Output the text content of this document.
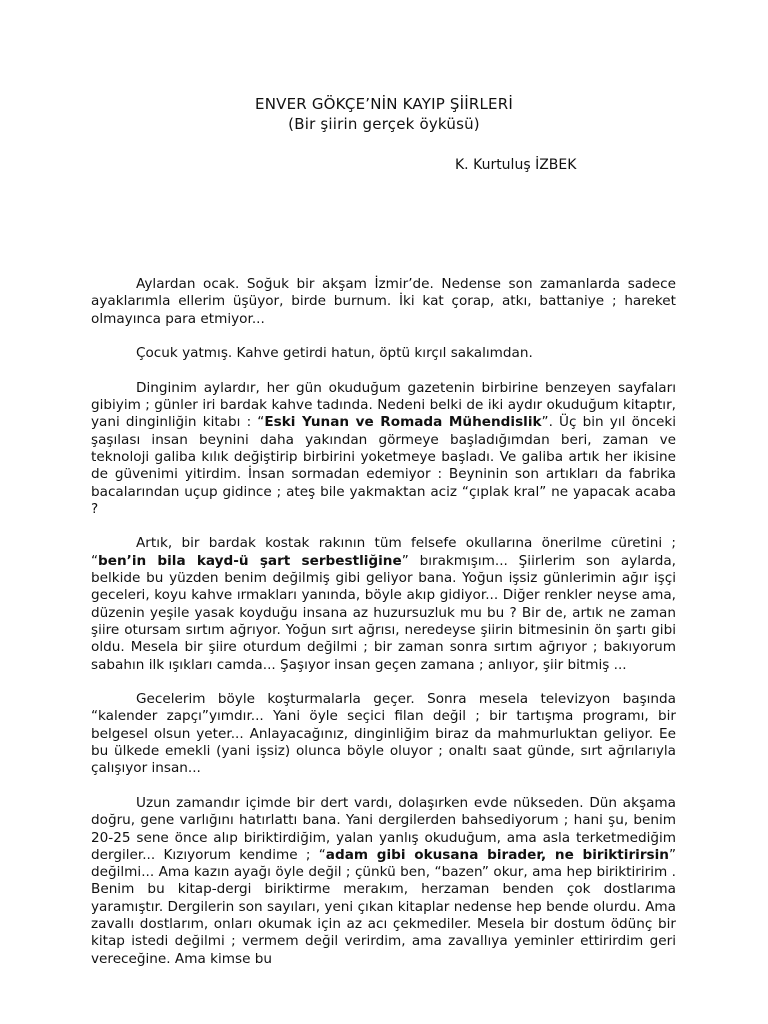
ENVER GÖKÇE’NİN KAYIP ŞİİRLERİ
(Bir şiirin gerçek öyküsü)
K. Kurtuluş İZBEK

Aylardan ocak. Soğuk bir akşam İzmir’de. Nedense son zamanlarda sadece ayaklarımla ellerim üşüyor, birde burnum. İki kat çorap, atkı, battaniye ; hareket olmayınca para etmiyor...

Çocuk yatmış. Kahve getirdi hatun, öptü kırçıl sakalımdan.

Dinginim aylardır, her gün okuduğum gazetenin birbirine benzeyen sayfaları gibiyim ; günler iri bardak kahve tadında. Nedeni belki de iki aydır okuduğum kitaptır, yani dinginliğin kitabı : “Eski Yunan ve Romada Mühendislik”. Üç bin yıl önceki şaşılası insan beynini daha yakından görmeye başladığımdan beri, zaman ve teknoloji galiba kılık değiştirip birbirini yoketmeye başladı. Ve galiba artık her ikisine de güvenimi yitirdim. İnsan sormadan edemiyor : Beyninin son artıkları da fabrika bacalarından uçup gidince ; ateş bile yakmaktan aciz “çıplak kral” ne yapacak acaba ?

Artık, bir bardak kostak rakının tüm felsefe okullarına önerilme cüretini ; “ben’in bila kayd-ü şart serbestliğine” bırakmışım... Şiirlerim son aylarda, belkide bu yüzden benim değilmiş gibi geliyor bana. Yoğun işsiz günlerimin ağır işçi geceleri, koyu kahve ırmakları yanında, böyle akıp gidiyor... Diğer renkler neyse ama, düzenin yeşile yasak koyduğu insana az huzursuzluk mu bu ? Bir de, artık ne zaman şiire otursam sırtım ağrıyor. Yoğun sırt ağrısı, neredeyse şiirin bitmesinin ön şartı gibi oldu. Mesela bir şiire oturdum değilmi ; bir zaman sonra sırtım ağrıyor ; bakıyorum sabahın ilk ışıkları camda... Şaşıyor insan geçen zamana ; anlıyor, şiir bitmiş ...

Gecelerim böyle koşturmalarla geçer. Sonra mesela televizyon başında “kalender zapçı”yımdır... Yani öyle seçici filan değil ; bir tartışma programı, bir belgesel olsun yeter... Anlayacağınız, dinginliğim biraz da mahmurluktan geliyor. Ee bu ülkede emekli (yani işsiz) olunca böyle oluyor ; onaltı saat günde, sırt ağrılarıyla çalışıyor insan...

Uzun zamandır içimde bir dert vardı, dolaşırken evde nükseden. Dün akşama doğru, gene varlığını hatırlattı bana. Yani dergilerden bahsediyorum ; hani şu, benim 20-25 sene önce alıp biriktirdiğim, yalan yanlış okuduğum, ama asla terketmediğim dergiler... Kızıyorum kendime ; “adam gibi okusana birader, ne biriktirirsin” değilmi... Ama kazın ayağı öyle değil ; çünkü ben, “bazen” okur, ama hep biriktiririm . Benim bu kitap-dergi biriktirme merakım, herzaman benden çok dostlarıma yaramıştır. Dergilerin son sayıları, yeni çıkan kitaplar nedense hep bende olurdu. Ama zavallı dostlarım, onları okumak için az acı çekmediler. Mesela bir dostum ödünç bir kitap istedi değilmi ; vermem değil verirdim, ama zavallıya yeminler ettirirdim geri vereceğine. Ama kimse bu
